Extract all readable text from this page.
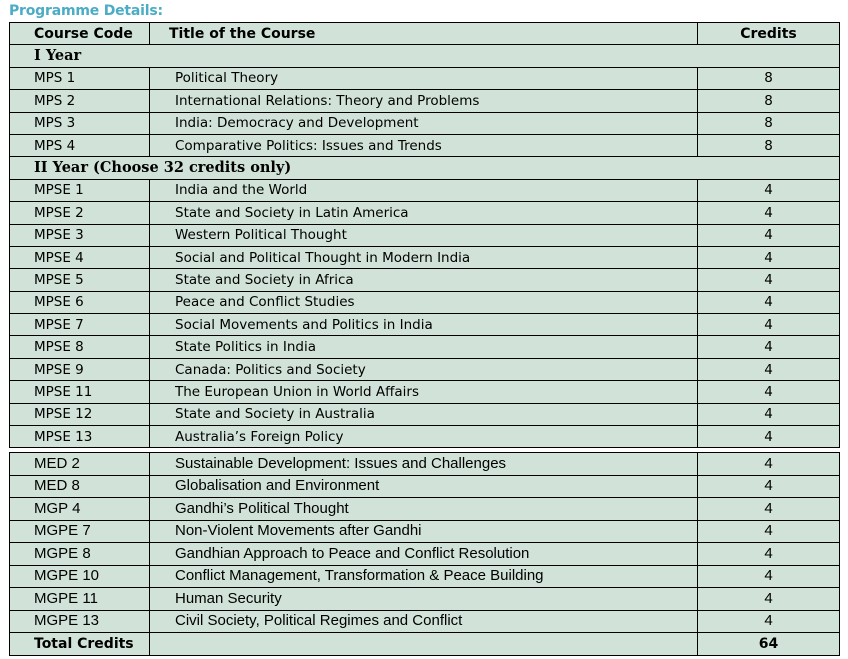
Programme Details:
Course Code	Title of the Course	Credits
I Year		
MPS 1	Political Theory	8
MPS 2	International Relations: Theory and Problems	8
MPS 3	India: Democracy and Development	8
MPS 4	Comparative Politics: Issues and Trends	8
II Year (Choose 32 credits only)		
MPSE 1	India and the World	4
MPSE 2	State and Society in Latin America	4
MPSE 3	Western Political Thought	4
MPSE 4	Social and Political Thought in Modern India	4
MPSE 5	State and Society in Africa	4
MPSE 6	Peace and Conflict Studies	4
MPSE 7	Social Movements and Politics in India	4
MPSE 8	State Politics in India	4
MPSE 9	Canada: Politics and Society	4
MPSE 11	The European Union in World Affairs	4
MPSE 12	State and Society in Australia	4
MPSE 13	Australia’s Foreign Policy	4
MED 2	Sustainable Development: Issues and Challenges	4
MED 8	Globalisation and Environment	4
MGP 4	Gandhi’s Political Thought	4
MGPE 7	Non-Violent Movements after Gandhi	4
MGPE 8	Gandhian Approach to Peace and Conflict Resolution	4
MGPE 10	Conflict Management, Transformation & Peace Building	4
MGPE 11	Human Security	4
MGPE 13	Civil Society, Political Regimes and Conflict	4
Total Credits		64
